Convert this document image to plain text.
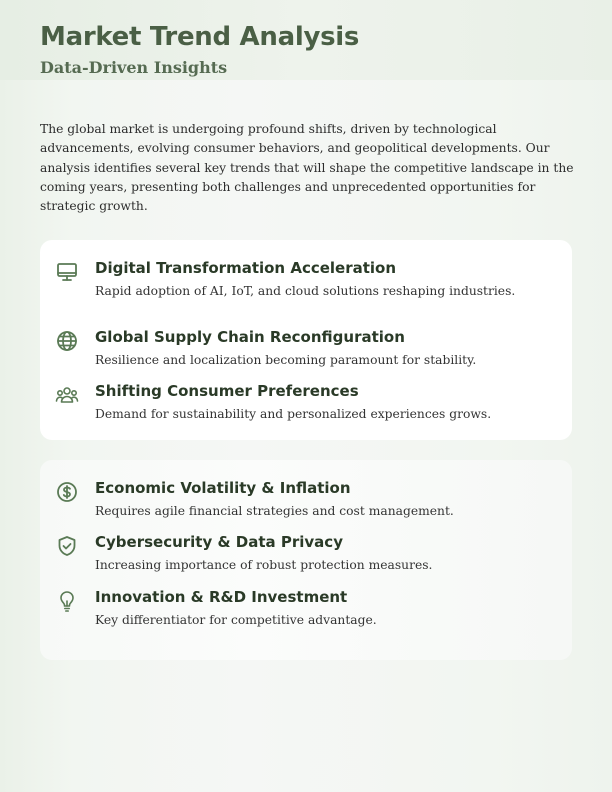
Market Trend Analysis
Data-Driven Insights

The global market is undergoing profound shifts, driven by technological advancements, evolving consumer behaviors, and geopolitical developments. Our analysis identifies several key trends that will shape the competitive landscape in the coming years, presenting both challenges and unprecedented opportunities for strategic growth.

Digital Transformation Acceleration

Rapid adoption of AI, IoT, and cloud solutions reshaping industries.

Global Supply Chain Reconfiguration

Resilience and localization becoming paramount for stability.

Shifting Consumer Preferences

Demand for sustainability and personalized experiences grows.

Economic Volatility & Inflation

Requires agile financial strategies and cost management.

Cybersecurity & Data Privacy

Increasing importance of robust protection measures.

Innovation & R&D Investment

Key differentiator for competitive advantage.
